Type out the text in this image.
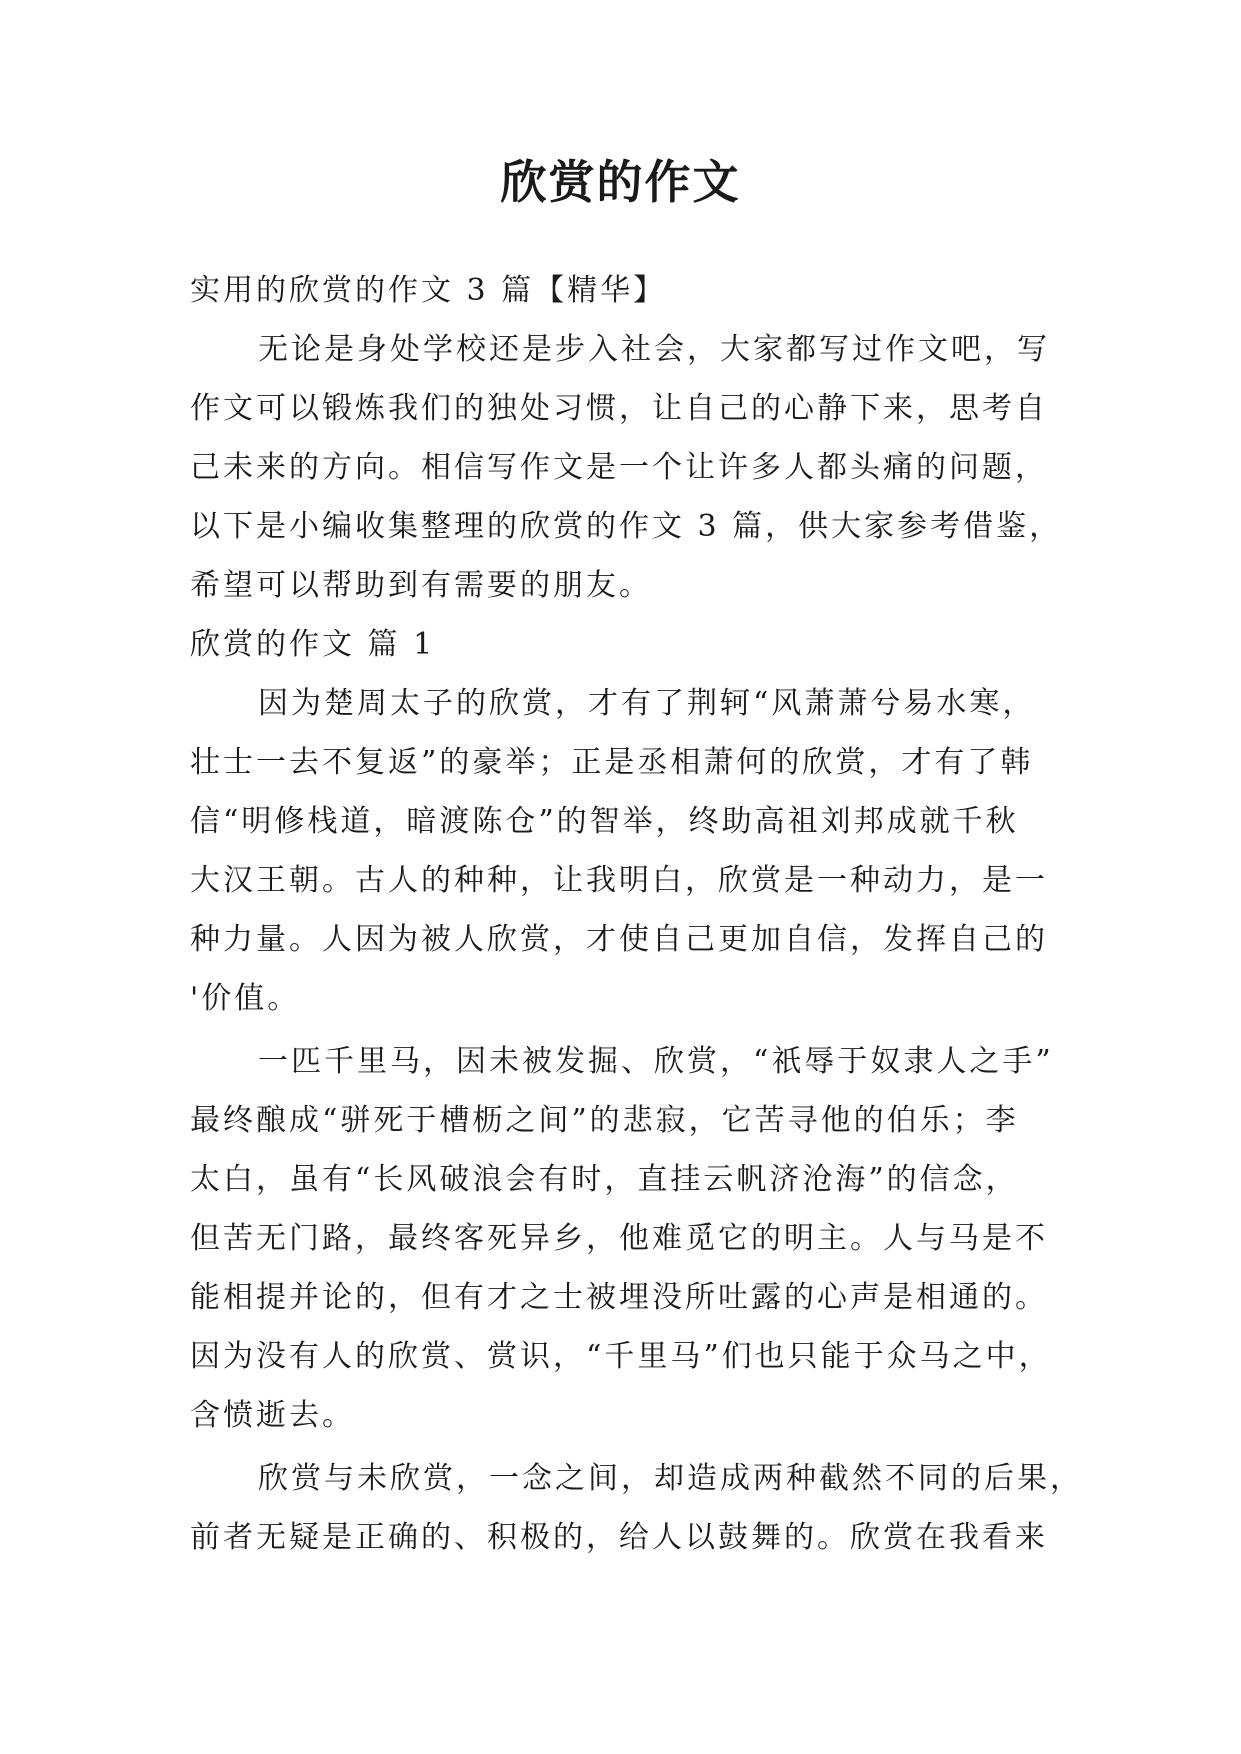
欣赏的作文

实用的欣赏的作文 3 篇【精华】

无论是身处学校还是步入社会，大家都写过作文吧，写

作文可以锻炼我们的独处习惯，让自己的心静下来，思考自

己未来的方向。相信写作文是一个让许多人都头痛的问题，

以下是小编收集整理的欣赏的作文 3 篇，供大家参考借鉴，

希望可以帮助到有需要的朋友。

欣赏的作文 篇 1

因为楚周太子的欣赏，才有了荆轲“风萧萧兮易水寒，

壮士一去不复返”的豪举；正是丞相萧何的欣赏，才有了韩

信“明修栈道，暗渡陈仓”的智举，终助高祖刘邦成就千秋

大汉王朝。古人的种种，让我明白，欣赏是一种动力，是一

种力量。人因为被人欣赏，才使自己更加自信，发挥自己的

'价值。

一匹千里马，因未被发掘、欣赏，“祇辱于奴隶人之手”

最终酿成“骈死于槽枥之间”的悲寂，它苦寻他的伯乐；李

太白，虽有“长风破浪会有时，直挂云帆济沧海”的信念，

但苦无门路，最终客死异乡，他难觅它的明主。人与马是不

能相提并论的，但有才之士被埋没所吐露的心声是相通的。

因为没有人的欣赏、赏识，“千里马”们也只能于众马之中，

含愤逝去。

欣赏与未欣赏，一念之间，却造成两种截然不同的后果，

前者无疑是正确的、积极的，给人以鼓舞的。欣赏在我看来
